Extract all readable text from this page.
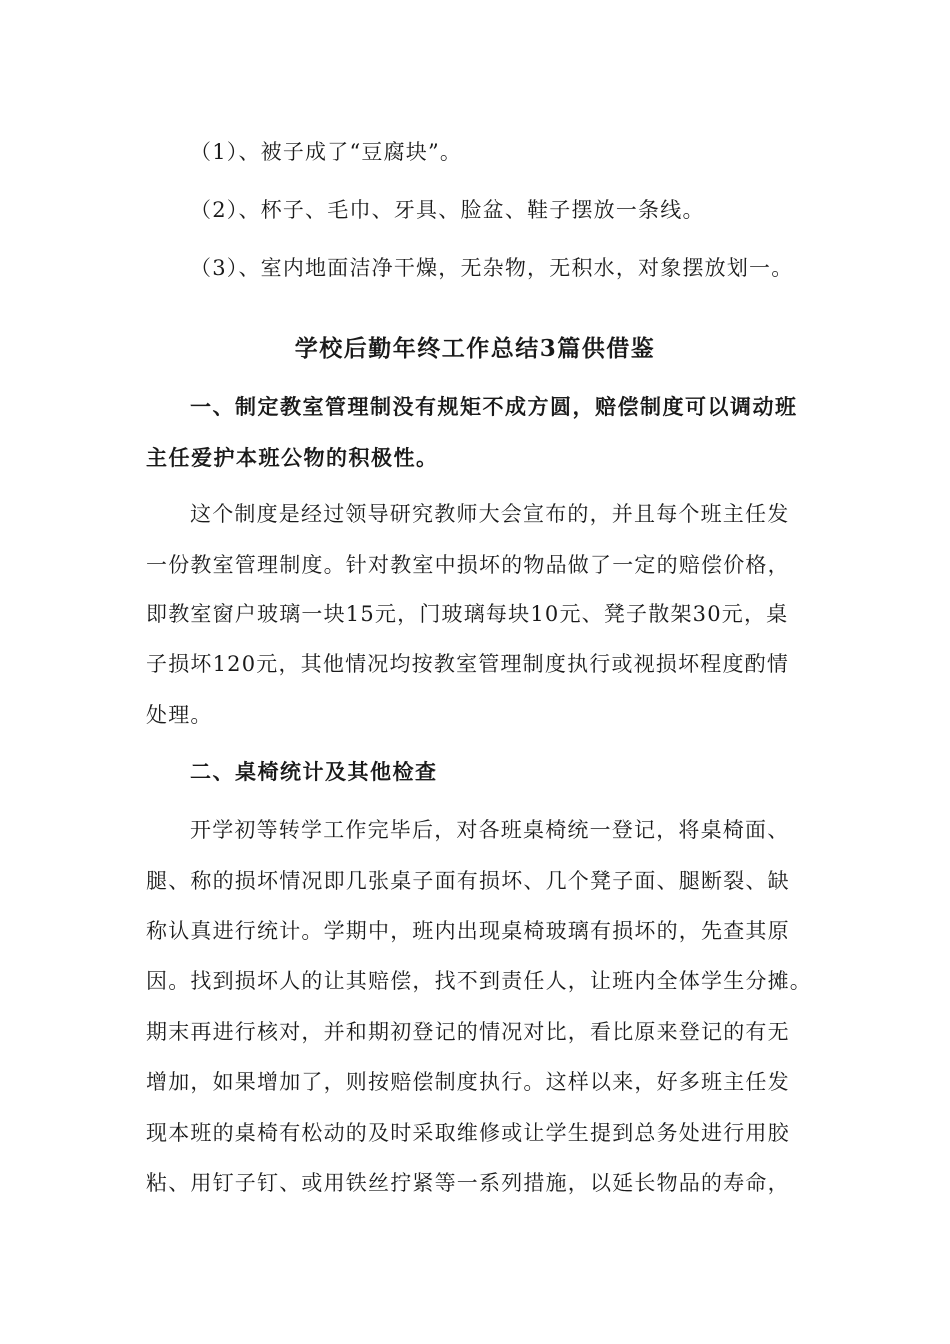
（1）、被子成了“豆腐块”。

（2）、杯子、毛巾、牙具、脸盆、鞋子摆放一条线。

（3）、室内地面洁净干燥，无杂物，无积水，对象摆放划一。

学校后勤年终工作总结3篇供借鉴

一、制定教室管理制没有规矩不成方圆，赔偿制度可以调动班

主任爱护本班公物的积极性。

这个制度是经过领导研究教师大会宣布的，并且每个班主任发

一份教室管理制度。针对教室中损坏的物品做了一定的赔偿价格，

即教室窗户玻璃一块15元，门玻璃每块10元、凳子散架30元，桌

子损坏120元，其他情况均按教室管理制度执行或视损坏程度酌情

处理。

二、桌椅统计及其他检查

开学初等转学工作完毕后，对各班桌椅统一登记，将桌椅面、

腿、称的损坏情况即几张桌子面有损坏、几个凳子面、腿断裂、缺

称认真进行统计。学期中，班内出现桌椅玻璃有损坏的，先查其原

因。找到损坏人的让其赔偿，找不到责任人，让班内全体学生分摊。

期末再进行核对，并和期初登记的情况对比，看比原来登记的有无

增加，如果增加了，则按赔偿制度执行。这样以来，好多班主任发

现本班的桌椅有松动的及时采取维修或让学生提到总务处进行用胶

粘、用钉子钉、或用铁丝拧紧等一系列措施，以延长物品的寿命，
